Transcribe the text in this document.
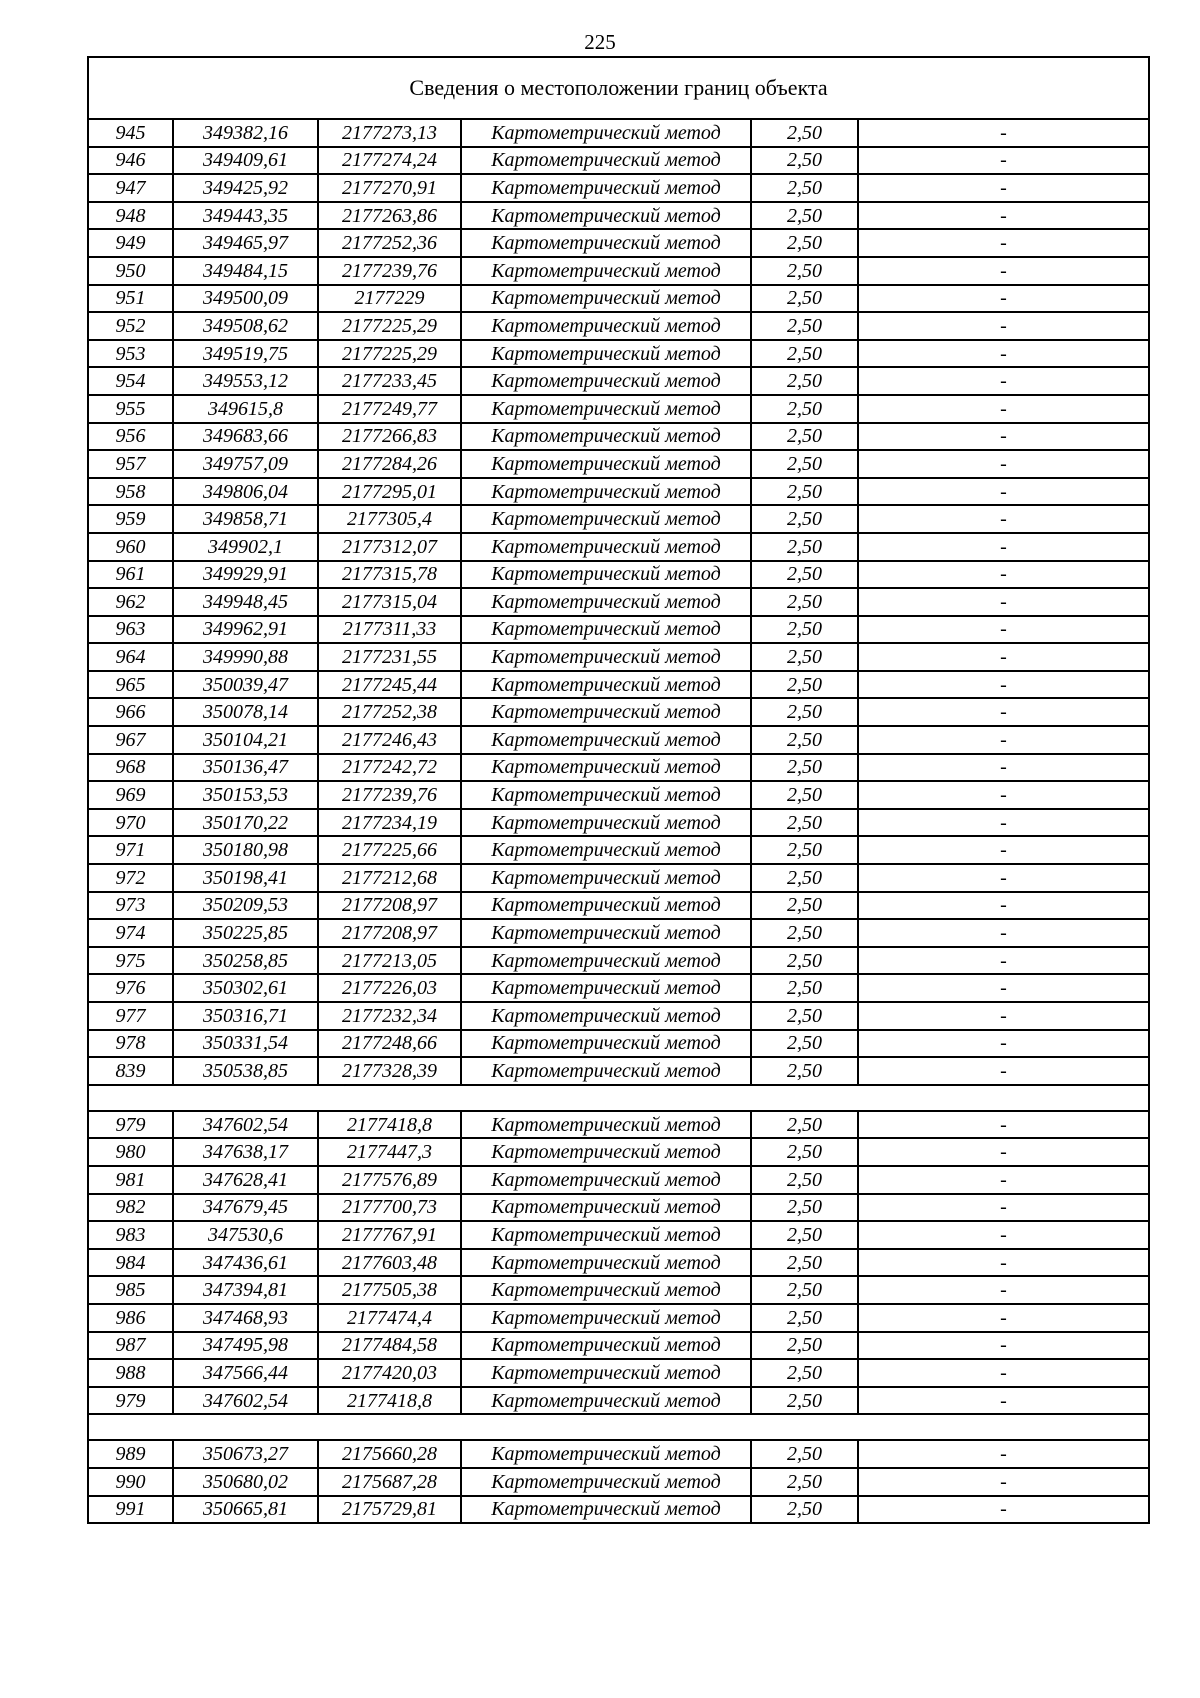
225
Сведения о местоположении границ объекта					
945	349382,16	2177273,13	Картометрический метод	2,50	-
946	349409,61	2177274,24	Картометрический метод	2,50	-
947	349425,92	2177270,91	Картометрический метод	2,50	-
948	349443,35	2177263,86	Картометрический метод	2,50	-
949	349465,97	2177252,36	Картометрический метод	2,50	-
950	349484,15	2177239,76	Картометрический метод	2,50	-
951	349500,09	2177229	Картометрический метод	2,50	-
952	349508,62	2177225,29	Картометрический метод	2,50	-
953	349519,75	2177225,29	Картометрический метод	2,50	-
954	349553,12	2177233,45	Картометрический метод	2,50	-
955	349615,8	2177249,77	Картометрический метод	2,50	-
956	349683,66	2177266,83	Картометрический метод	2,50	-
957	349757,09	2177284,26	Картометрический метод	2,50	-
958	349806,04	2177295,01	Картометрический метод	2,50	-
959	349858,71	2177305,4	Картометрический метод	2,50	-
960	349902,1	2177312,07	Картометрический метод	2,50	-
961	349929,91	2177315,78	Картометрический метод	2,50	-
962	349948,45	2177315,04	Картометрический метод	2,50	-
963	349962,91	2177311,33	Картометрический метод	2,50	-
964	349990,88	2177231,55	Картометрический метод	2,50	-
965	350039,47	2177245,44	Картометрический метод	2,50	-
966	350078,14	2177252,38	Картометрический метод	2,50	-
967	350104,21	2177246,43	Картометрический метод	2,50	-
968	350136,47	2177242,72	Картометрический метод	2,50	-
969	350153,53	2177239,76	Картометрический метод	2,50	-
970	350170,22	2177234,19	Картометрический метод	2,50	-
971	350180,98	2177225,66	Картометрический метод	2,50	-
972	350198,41	2177212,68	Картометрический метод	2,50	-
973	350209,53	2177208,97	Картометрический метод	2,50	-
974	350225,85	2177208,97	Картометрический метод	2,50	-
975	350258,85	2177213,05	Картометрический метод	2,50	-
976	350302,61	2177226,03	Картометрический метод	2,50	-
977	350316,71	2177232,34	Картометрический метод	2,50	-
978	350331,54	2177248,66	Картометрический метод	2,50	-
839	350538,85	2177328,39	Картометрический метод	2,50	-

979	347602,54	2177418,8	Картометрический метод	2,50	-
980	347638,17	2177447,3	Картометрический метод	2,50	-
981	347628,41	2177576,89	Картометрический метод	2,50	-
982	347679,45	2177700,73	Картометрический метод	2,50	-
983	347530,6	2177767,91	Картометрический метод	2,50	-
984	347436,61	2177603,48	Картометрический метод	2,50	-
985	347394,81	2177505,38	Картометрический метод	2,50	-
986	347468,93	2177474,4	Картометрический метод	2,50	-
987	347495,98	2177484,58	Картометрический метод	2,50	-
988	347566,44	2177420,03	Картометрический метод	2,50	-
979	347602,54	2177418,8	Картометрический метод	2,50	-

989	350673,27	2175660,28	Картометрический метод	2,50	-
990	350680,02	2175687,28	Картометрический метод	2,50	-
991	350665,81	2175729,81	Картометрический метод	2,50	-
